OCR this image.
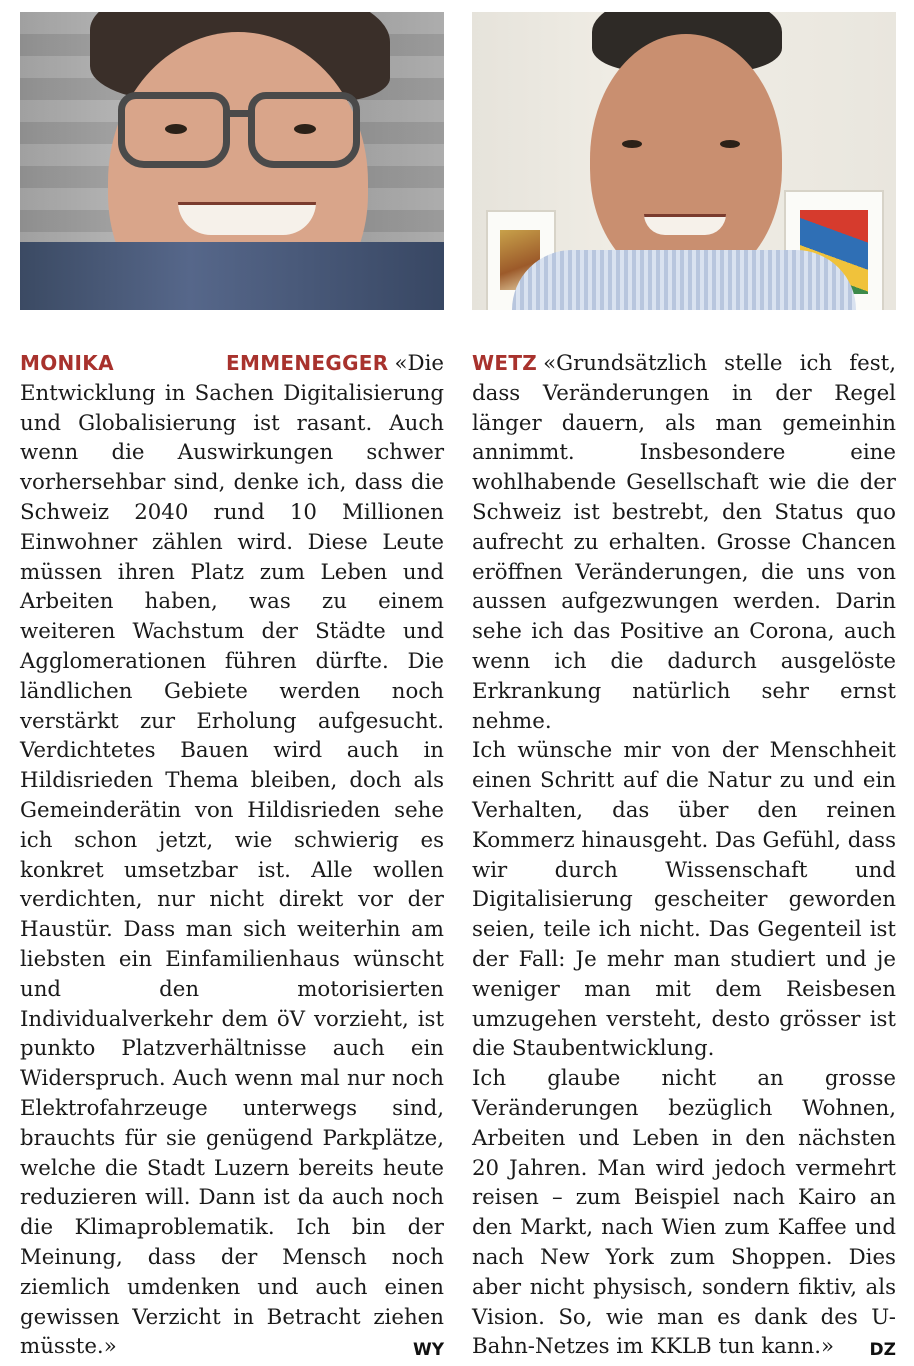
MONIKA EMMENEGGER «Die Entwicklung in Sachen Digitalisierung und Globalisierung ist rasant. Auch wenn die Auswirkungen schwer vorhersehbar sind, denke ich, dass die Schweiz 2040 rund 10 Millionen Einwohner zählen wird. Diese Leute müssen ihren Platz zum Leben und Arbeiten haben, was zu einem weiteren Wachstum der Städte und Agglomerationen führen dürfte. Die ländlichen Gebiete werden noch verstärkt zur Erholung aufgesucht. Verdichtetes Bauen wird auch in Hildisrieden Thema bleiben, doch als Gemeinderätin von Hildisrieden sehe ich schon jetzt, wie schwierig es konkret umsetzbar ist. Alle wollen verdichten, nur nicht direkt vor der Haustür. Dass man sich weiterhin am liebsten ein Einfamilienhaus wünscht und den motorisierten Individualverkehr dem öV vorzieht, ist punkto Platzverhältnisse auch ein Widerspruch. Auch wenn mal nur noch Elektrofahrzeuge unterwegs sind, brauchts für sie genügend Parkplätze, welche die Stadt Luzern bereits heute reduzieren will. Dann ist da auch noch die Klimaproblematik. Ich bin der Meinung, dass der Mensch noch ziemlich umdenken und auch einen gewissen Verzicht in Betracht ziehen müsste.»	WY

WETZ «Grundsätzlich stelle ich fest, dass Veränderungen in der Regel länger dauern, als man gemeinhin annimmt. Insbesondere eine wohlhabende Gesellschaft wie die der Schweiz ist bestrebt, den Status quo aufrecht zu erhalten. Grosse Chancen eröffnen Veränderungen, die uns von aussen aufgezwungen werden. Darin sehe ich das Positive an Corona, auch wenn ich die dadurch ausgelöste Erkrankung natürlich sehr ernst nehme.

Ich wünsche mir von der Menschheit einen Schritt auf die Natur zu und ein Verhalten, das über den reinen Kommerz hinausgeht. Das Gefühl, dass wir durch Wissenschaft und Digitalisierung gescheiter geworden seien, teile ich nicht. Das Gegenteil ist der Fall: Je mehr man studiert und je weniger man mit dem Reisbesen umzugehen versteht, desto grösser ist die Staubentwicklung.

Ich glaube nicht an grosse Veränderungen bezüglich Wohnen, Arbeiten und Leben in den nächsten 20 Jahren. Man wird jedoch vermehrt reisen – zum Beispiel nach Kairo an den Markt, nach Wien zum Kaffee und nach New York zum Shoppen. Dies aber nicht physisch, sondern fiktiv, als Vision. So, wie man es dank des U-Bahn-Netzes im KKLB tun kann.» DZ
